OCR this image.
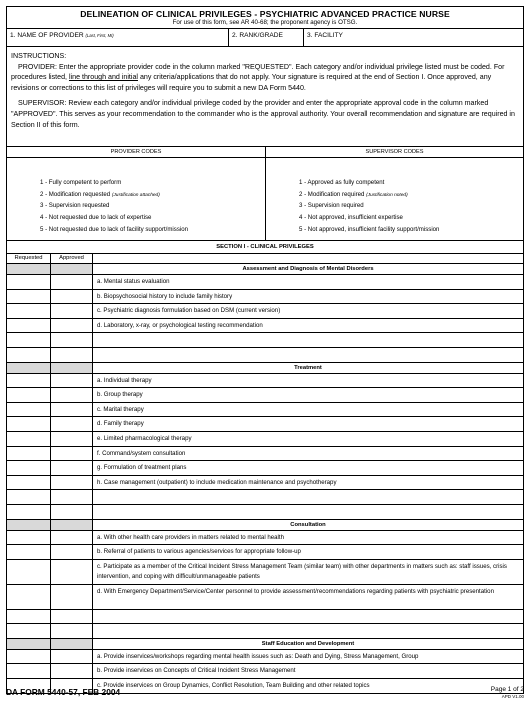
DELINEATION OF CLINICAL PRIVILEGES - PSYCHIATRIC ADVANCED PRACTICE NURSE
For use of this form, see AR 40-68; the proponent agency is OTSG.
1. NAME OF PROVIDER (Last, First, MI)	2. RANK/GRADE	3. FACILITY

INSTRUCTIONS:

PROVIDER: Enter the appropriate provider code in the column marked "REQUESTED". Each category and/or individual privilege listed must be coded. For procedures listed, line through and initial any criteria/applications that do not apply. Your signature is required at the end of Section I. Once approved, any revisions or corrections to this list of privileges will require you to submit a new DA Form 5440.

SUPERVISOR: Review each category and/or individual privilege coded by the provider and enter the appropriate approval code in the column marked "APPROVED". This serves as your recommendation to the commander who is the approval authority. Your overall recommendation and signature are required in Section II of this form.

PROVIDER CODES	SUPERVISOR CODES
1 - Fully competent to perform
2 - Modification requested (Justification attached)
3 - Supervision requested
4 - Not requested due to lack of expertise
5 - Not requested due to lack of facility support/mission
1 - Approved as fully competent
2 - Modification required (Justification noted)
3 - Supervision required
4 - Not approved, insufficient expertise
5 - Not approved, insufficient facility support/mission
SECTION I - CLINICAL PRIVILEGES
Requested	Approved
Assessment and Diagnosis of Mental Disorders
a. Mental status evaluation
b. Biopsychosocial history to include family history
c. Psychiatric diagnosis formulation based on DSM (current version)
d. Laboratory, x-ray, or psychological testing recommendation
Treatment
a. Individual therapy
b. Group therapy
c. Marital therapy
d. Family therapy
e. Limited pharmacological therapy
f. Command/system consultation
g. Formulation of treatment plans
h. Case management (outpatient) to include medication maintenance and psychotherapy
Consultation
a. With other health care providers in matters related to mental health
b. Referral of patients to various agencies/services for appropriate follow-up
c. Participate as a member of the Critical Incident Stress Management Team (similar team) with other departments in matters such as: staff issues, crisis intervention, and coping with difficult/unmanageable patients
d. With Emergency Department/Service/Center personnel to provide assessment/recommendations regarding patients with psychiatric presentation
Staff Education and Development
a. Provide inservices/workshops regarding mental health issues such as: Death and Dying, Stress Management, Group
b. Provide inservices on Concepts of Critical Incident Stress Management
c. Provide inservices on Group Dynamics, Conflict Resolution, Team Building and other related topics
DA FORM 5440-57, FEB 2004	Page 1 of 2
APD V1.00
